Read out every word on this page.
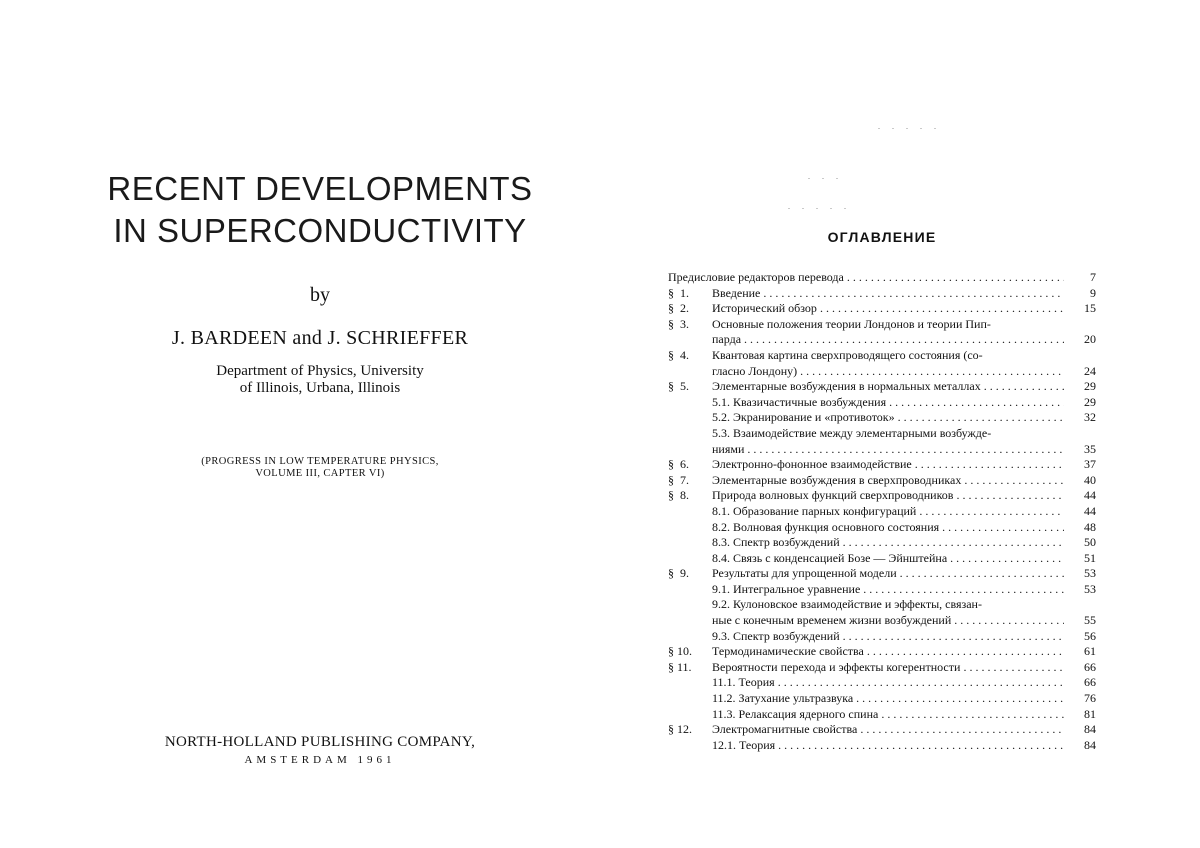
RECENT DEVELOPMENTS
IN SUPERCONDUCTIVITY
by
J. BARDEEN and J. SCHRIEFFER
Department of Physics, University
of Illinois, Urbana, Illinois
(PROGRESS IN LOW TEMPERATURE PHYSICS,
VOLUME III, CAPTER VI)
NORTH-HOLLAND PUBLISHING COMPANY,
AMSTERDAM 1961
. . . . .
. . .
. . . . .
ОГЛАВЛЕНИЕ
Предисловие редакторов перевода . . .	7
§  1.	Введение . . .	9
§  2.	Исторический обзор . . .	15
§  3.	Основные положения теории Лондонов и теории Пип-
парда . . .	20
§  4.	Квантовая картина сверхпроводящего состояния (со-
гласно Лондону) . . .	24
§  5.	Элементарные возбуждения в нормальных металлах . . .	29
5.1. Квазичастичные возбуждения . . .	29
5.2. Экранирование и «противоток» . . .	32
5.3. Взаимодействие между элементарными возбужде-
ниями . . .	35
§  6.	Электронно-фононное взаимодействие . . .	37
§  7.	Элементарные возбуждения в сверхпроводниках . . .	40
§  8.	Природа волновых функций сверхпроводников . . .	44
8.1. Образование парных конфигураций . . .	44
8.2. Волновая функция основного состояния . . .	48
8.3. Спектр возбуждений . . .	50
8.4. Связь с конденсацией Бозе — Эйнштейна . . .	51
§  9.	Результаты для упрощенной модели . . .	53
9.1. Интегральное уравнение . . .	53
9.2. Кулоновское взаимодействие и эффекты, связан-
ные с конечным временем жизни возбуждений . . .	55
9.3. Спектр возбуждений . . .	56
§ 10.	Термодинамические свойства . . .	61
§ 11.	Вероятности перехода и эффекты когерентности . . .	66
11.1. Теория . . .	66
11.2. Затухание ультразвука . . .	76
11.3. Релаксация ядерного спина . . .	81
§ 12.	Электромагнитные свойства . . .	84
12.1. Теория . . .	84
